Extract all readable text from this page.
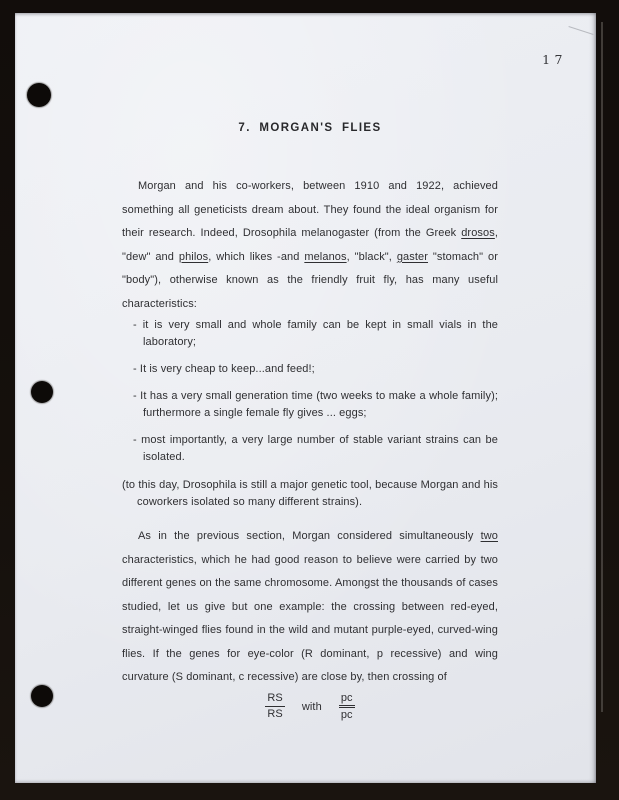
17
7. MORGAN'S FLIES
Morgan and his co-workers, between 1910 and 1922, achieved something all geneticists dream about. They found the ideal organism for their research. Indeed, Drosophila melanogaster (from the Greek drosos, "dew" and philos, which likes -and melanos, "black", gaster "stomach" or "body"), otherwise known as the friendly fruit fly, has many useful characteristics:
- it is very small and whole family can be kept in small vials in the laboratory;
- It is very cheap to keep...and feed!;
- It has a very small generation time (two weeks to make a whole family); furthermore a single female fly gives ... eggs;
- most importantly, a very large number of stable variant strains can be isolated.
(to this day, Drosophila is still a major genetic tool, because Morgan and his coworkers isolated so many different strains).
As in the previous section, Morgan considered simultaneously two characteristics, which he had good reason to believe were carried by two different genes on the same chromosome. Amongst the thousands of cases studied, let us give but one example: the crossing between red-eyed, straight-winged flies found in the wild and mutant purple-eyed, curved-wing flies. If the genes for eye-color (R dominant, p recessive) and wing curvature (S dominant, c recessive) are close by, then crossing of
$\frac{RS}{RS}$ with $\frac{pc}{pc}$
